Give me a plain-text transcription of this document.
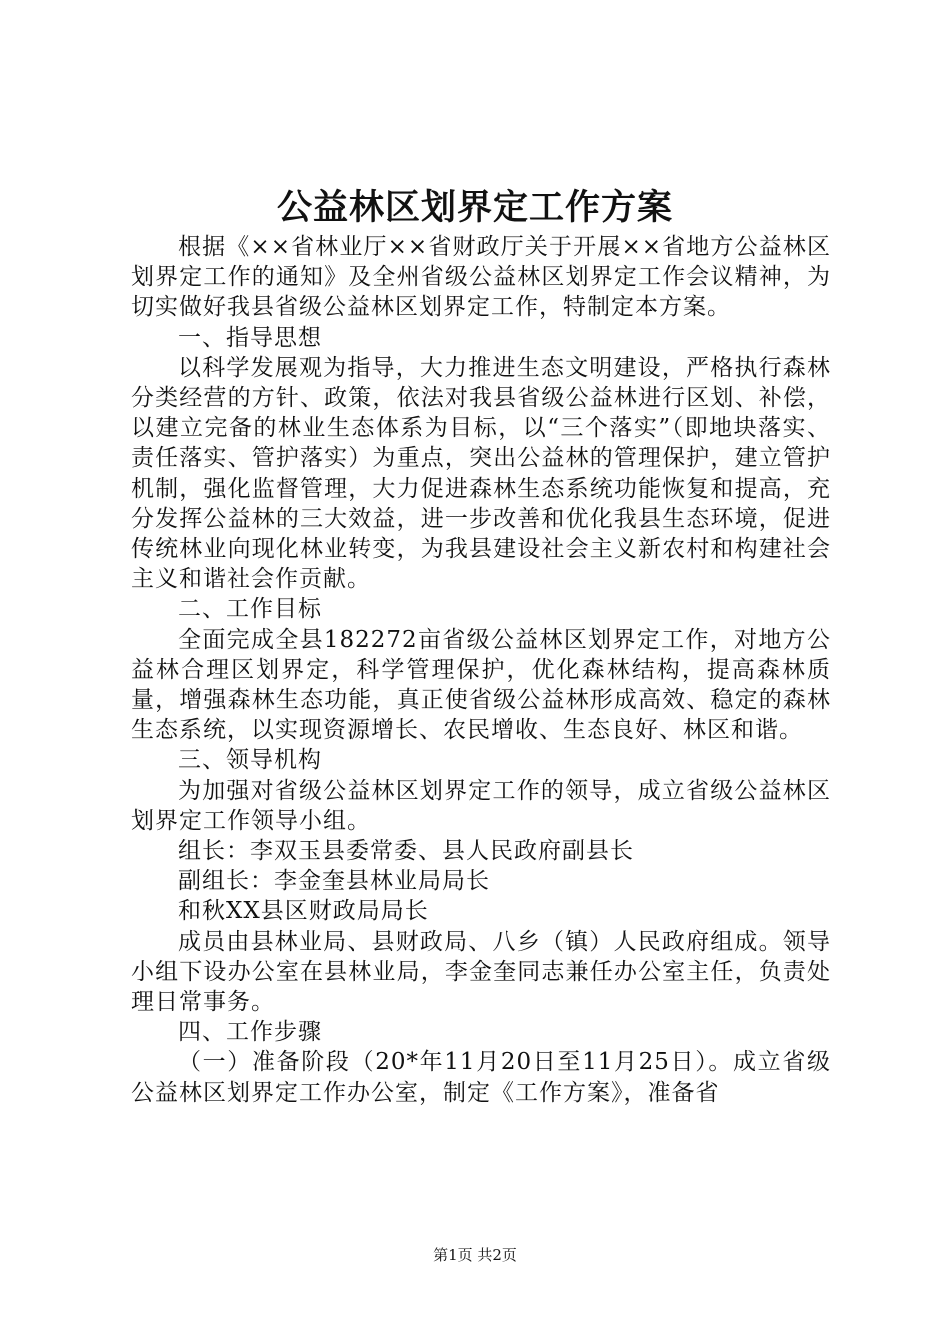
公益林区划界定工作方案

根据《××省林业厅××省财政厅关于开展××省地方公益林区划界定工作的通知》及全州省级公益林区划界定工作会议精神，为切实做好我县省级公益林区划界定工作，特制定本方案。

一、指导思想

以科学发展观为指导，大力推进生态文明建设，严格执行森林分类经营的方针、政策，依法对我县省级公益林进行区划、补偿，以建立完备的林业生态体系为目标，以“三个落实”（即地块落实、责任落实、管护落实）为重点，突出公益林的管理保护，建立管护机制，强化监督管理，大力促进森林生态系统功能恢复和提高，充分发挥公益林的三大效益，进一步改善和优化我县生态环境，促进传统林业向现化林业转变，为我县建设社会主义新农村和构建社会主义和谐社会作贡献。

二、工作目标

全面完成全县182272亩省级公益林区划界定工作，对地方公益林合理区划界定，科学管理保护，优化森林结构，提高森林质量，增强森林生态功能，真正使省级公益林形成高效、稳定的森林生态系统，以实现资源增长、农民增收、生态良好、林区和谐。

三、领导机构

为加强对省级公益林区划界定工作的领导，成立省级公益林区划界定工作领导小组。

组长：李双玉县委常委、县人民政府副县长

副组长：李金奎县林业局局长

和秋XX县区财政局局长

成员由县林业局、县财政局、八乡（镇）人民政府组成。领导小组下设办公室在县林业局，李金奎同志兼任办公室主任，负责处理日常事务。

四、工作步骤

（一）准备阶段（20*年11月20日至11月25日）。成立省级公益林区划界定工作办公室，制定《工作方案》，准备省

第1页 共2页
